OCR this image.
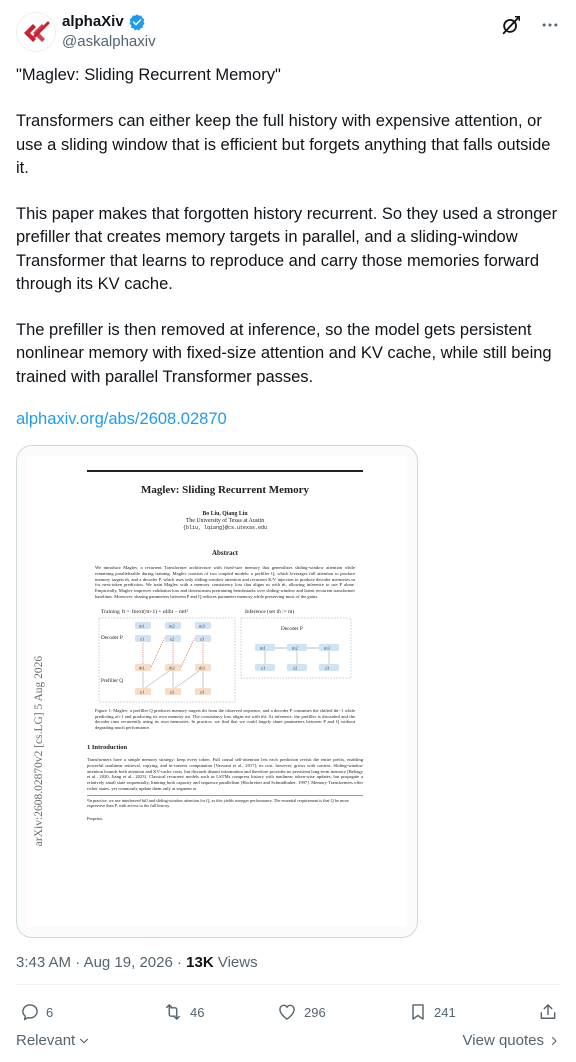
alphaXiv
@askalphaxiv

"Maglev: Sliding Recurrent Memory"

Transformers can either keep the full history with expensive attention, or use a sliding window that is efficient but forgets anything that falls outside it.

This paper makes that forgotten history recurrent. So they used a stronger prefiller that creates memory targets in parallel, and a sliding-window Transformer that learns to reproduce and carry those memories forward through its KV cache.

The prefiller is then removed at inference, so the model gets persistent nonlinear memory with fixed-size attention and KV cache, while still being trained with parallel Transformer passes.

alphaxiv.org/abs/2608.02870
arXiv:2608.02870v2 [cs.LG] 5 Aug 2026
Maglev: Sliding Recurrent Memory
Bo Liu, Qiang Liu
The University of Texas at Austin
{bliu, lqiang}@cs.utexas.edu
Abstract
We introduce Maglev, a recurrent Transformer architecture with fixed-size memory that generalizes sliding-window attention while remaining parallelizable during training. Maglev consists of two coupled models: a prefiller Q, which leverages full attention to produce memory targets m̃, and a decoder P, which uses only sliding-window attention and recurrent K/V injection to produce decoder memories m for next-token prediction. We train Maglev with a memory consistency loss that aligns m with m̃, allowing inference to use P alone. Empirically, Maglev improves validation loss and downstream pretraining benchmarks over sliding-window and latent recurrent transformer baselines. Moreover, sharing parameters between P and Q reduces parameter memory while preserving most of the gains.
Training ℓt = ℓnext(πt+1) + α‖m̃t − mt‖²	Inference (set m̃ := m)
Decoder P
Prefiller Q
Decoder P
m1	m2	m3
z1	z2	z3
m̃1	m̃2	m̃3
z1	z2	z3
m1	m2	m3
z1	z2	z3
Figure 1: Maglev: a prefiller Q produces memory targets m̃t from the observed sequence, and a decoder P consumes the shifted m̃t−1 while predicting zt+1 and producing its own memory mt. The consistency loss aligns mt with m̃t. At inference, the prefiller is discarded and the decoder runs recurrently using its own memories. In practice, we find that we could largely share parameters between P and Q without degrading much performance.
1 Introduction
Transformers have a simple memory strategy: keep every token. Full causal self-attention lets each prediction revisit the entire prefix, enabling powerful nonlinear retrieval, copying, and in-context computation [Vaswani et al., 2017]; its cost, however, grows with context. Sliding-window attention bounds both attention and KV-cache costs, but discards distant information and therefore provides no persistent long-term memory [Beltagy et al., 2020, Jiang et al., 2023]. Classical recurrent models such as LSTMs compress history with nonlinear token-wise updates, but propagate a relatively small state sequentially, limiting both capacity and sequence parallelism [Hochreiter and Schmidhuber, 1997]. Memory Transformers offer richer states, yet commonly update them only at segment or
¹In practice, we use interleaved full and sliding-window attention for Q, as this yields stronger performance. The essential requirement is that Q be more expressive than P, with access to the full history.
Preprint.
3:43 AM · Aug 19, 2026 · 13K Views
6	46	296	241
Relevant	View quotes
